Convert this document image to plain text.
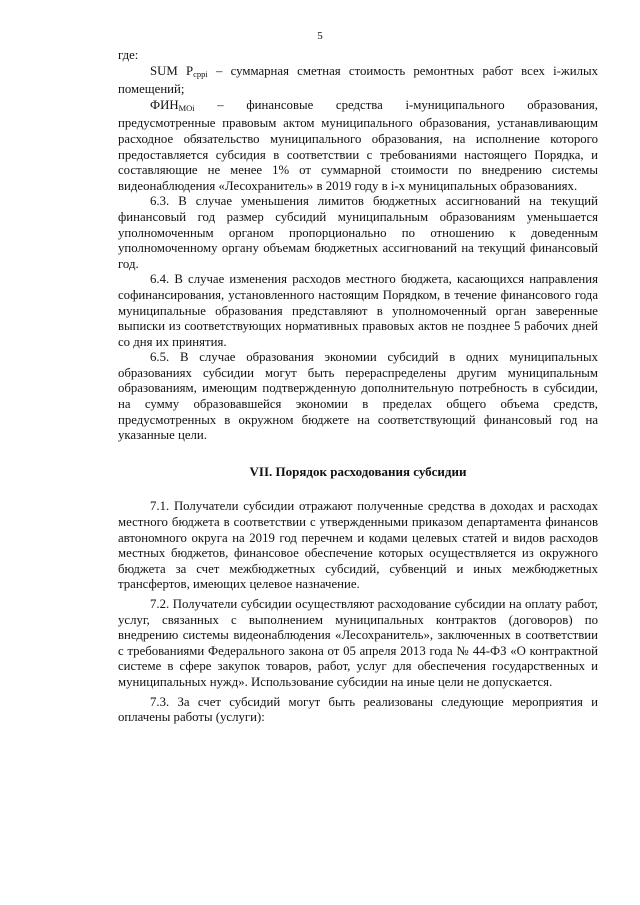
5

где:

SUM $P_{cppi}$ – суммарная сметная стоимость ремонтных работ всех i-жилых помещений;

$ФИН_{MOi}$ – финансовые средства i-муниципального образования, предусмотренные правовым актом муниципального образования, устанавливающим расходное обязательство муниципального образования, на исполнение которого предоставляется субсидия в соответствии с требованиями настоящего Порядка, и составляющие не менее 1% от суммарной стоимости по внедрению системы видеонаблюдения «Лесохранитель» в 2019 году в i-х муниципальных образованиях.

6.3. В случае уменьшения лимитов бюджетных ассигнований на текущий финансовый год размер субсидий муниципальным образованиям уменьшается уполномоченным органом пропорционально по отношению к доведенным уполномоченному органу объемам бюджетных ассигнований на текущий финансовый год.

6.4. В случае изменения расходов местного бюджета, касающихся направления софинансирования, установленного настоящим Порядком, в течение финансового года муниципальные образования представляют в уполномоченный орган заверенные выписки из соответствующих нормативных правовых актов не позднее 5 рабочих дней со дня их принятия.

6.5. В случае образования экономии субсидий в одних муниципальных образованиях субсидии могут быть перераспределены другим муниципальным образованиям, имеющим подтвержденную дополнительную потребность в субсидии, на сумму образовавшейся экономии в пределах общего объема средств, предусмотренных в окружном бюджете на соответствующий финансовый год на указанные цели.

VII. Порядок расходования субсидии

7.1. Получатели субсидии отражают полученные средства в доходах и расходах местного бюджета в соответствии с утвержденными приказом департамента финансов автономного округа на 2019 год перечнем и кодами целевых статей и видов расходов местных бюджетов, финансовое обеспечение которых осуществляется из окружного бюджета за счет межбюджетных субсидий, субвенций и иных межбюджетных трансфертов, имеющих целевое назначение.

7.2. Получатели субсидии осуществляют расходование субсидии на оплату работ, услуг, связанных с выполнением муниципальных контрактов (договоров) по внедрению системы видеонаблюдения «Лесохранитель», заключенных в соответствии с требованиями Федерального закона от 05 апреля 2013 года № 44-ФЗ «О контрактной системе в сфере закупок товаров, работ, услуг для обеспечения государственных и муниципальных нужд». Использование субсидии на иные цели не допускается.

7.3. За счет субсидий могут быть реализованы следующие мероприятия и оплачены работы (услуги):
